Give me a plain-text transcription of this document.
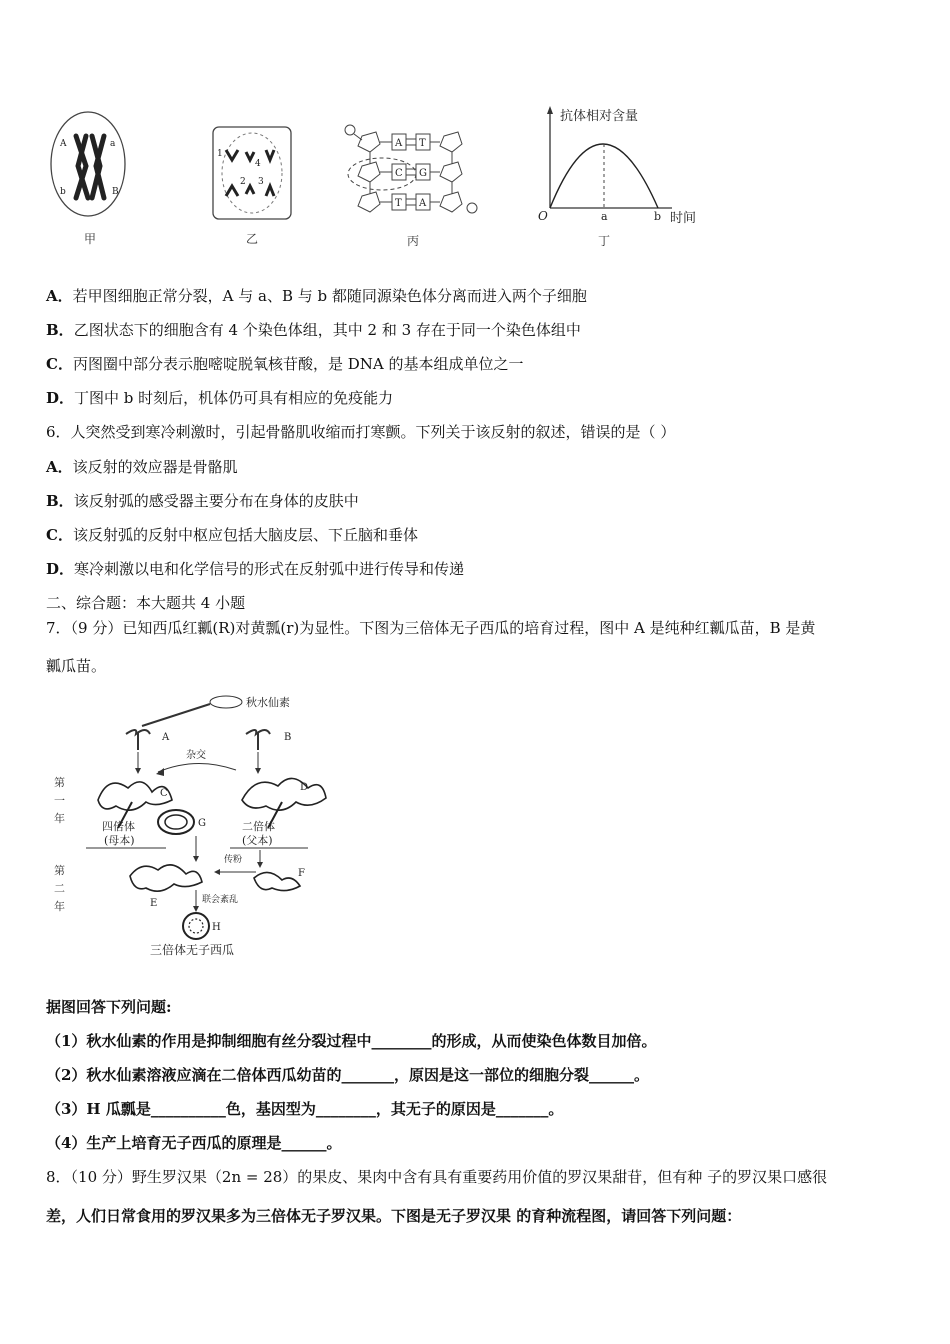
A	a
b	B
甲
1
4
2 3
乙
A
C
T
T
G
A
丙
抗体相对含量
O	a	b 时间
丁
A．若甲图细胞正常分裂，A 与 a、B 与 b 都随同源染色体分离而进入两个子细胞
B．乙图状态下的细胞含有 4 个染色体组，其中 2 和 3 存在于同一个染色体组中
C．丙图圈中部分表示胞嘧啶脱氧核苷酸，是 DNA 的基本组成单位之一
D．丁图中 b 时刻后，机体仍可具有相应的免疫能力
6．人突然受到寒冷刺激时，引起骨骼肌收缩而打寒颤。下列关于该反射的叙述，错误的是（ ）
A．该反射的效应器是骨骼肌
B．该反射弧的感受器主要分布在身体的皮肤中
C．该反射弧的反射中枢应包括大脑皮层、下丘脑和垂体
D．寒冷刺激以电和化学信号的形式在反射弧中进行传导和传递
二、综合题：本大题共 4 小题
7．（9 分）已知西瓜红瓤(R)对黄瓢(r)为显性。下图为三倍体无子西瓜的培育过程，图中 A 是纯种红瓤瓜苗，B 是黄
瓤瓜苗。
秋水仙素
A	B
杂交
第
一
年
C
D
G
四倍体
(母本)
二倍体
(父本)
第
二
年
传粉
E
F
联会紊乱
H
三倍体无子西瓜
据图回答下列问题:
（1）秋水仙素的作用是抑制细胞有丝分裂过程中________的形成，从而使染色体数目加倍。
（2）秋水仙素溶液应滴在二倍体西瓜幼苗的_______，原因是这一部位的细胞分裂______。
（3）H 瓜瓢是__________色，基因型为________，其无子的原因是_______。
（4）生产上培育无子西瓜的原理是______。
8．（10 分）野生罗汉果（2n = 28）的果皮、果肉中含有具有重要药用价值的罗汉果甜苷，但有种 子的罗汉果口感很
差，人们日常食用的罗汉果多为三倍体无子罗汉果。下图是无子罗汉果 的育种流程图，请回答下列问题：
